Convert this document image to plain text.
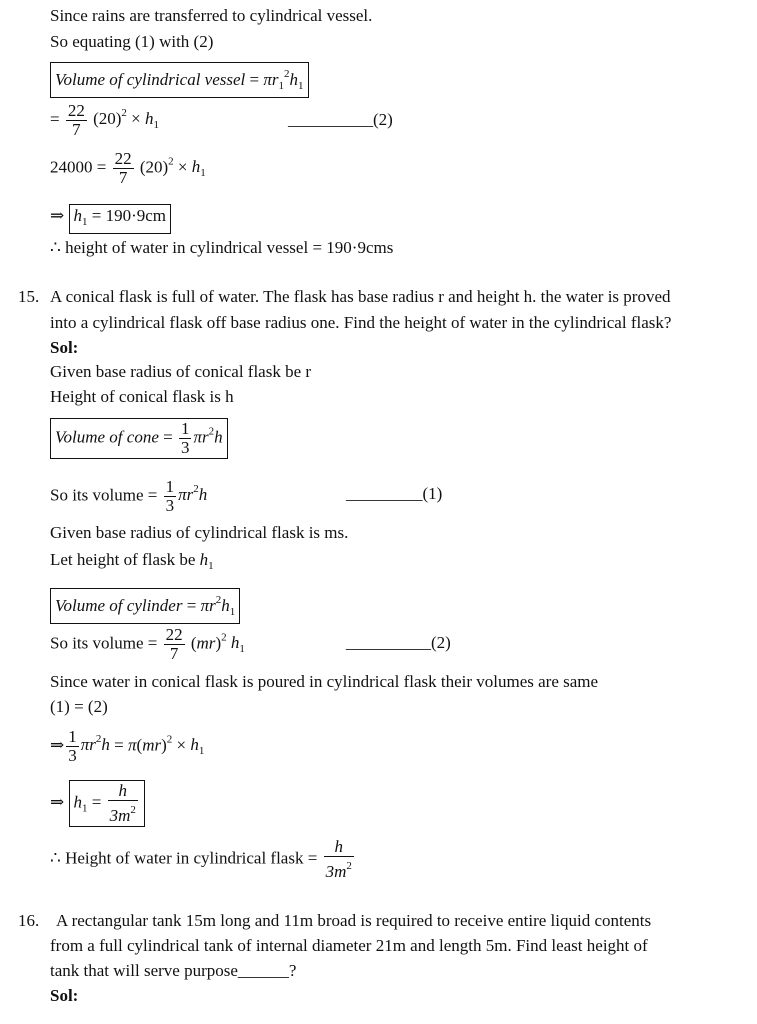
Since rains are transferred to cylindrical vessel.
So equating (1) with (2)
Volume of cylindrical vessel = $\pi r_1^2h_1$
= $\frac{22}{7} (20)^2 \times h_1$	__________(2)
$24000 = \frac{22}{7} (20)^2 \times h_1$
⇒ $h_1 = 190\cdot 9cm$
∴ height of water in cylindrical vessel = 190·9cms
15. A conical flask is full of water. The flask has base radius r and height h. the water is proved
into a cylindrical flask off base radius one. Find the height of water in the cylindrical flask?
Sol:
Given base radius of conical flask be r
Height of conical flask is h
Volume of cone = $\frac{1}{3} \pi r^2h$
So its volume = $\frac{1}{3} \pi r^2h$	_________(1)
Given base radius of cylindrical flask is ms.
Let height of flask be $h_1$
Volume of cylinder = $\pi r^2h_1$
So its volume = $\frac{22}{7} (mr)^2$ $h_1$	__________(2)
Since water in conical flask is poured in cylindrical flask their volumes are same
(1) = (2)
⇒ $\frac{1}{3} \pi r^2h = \pi(mr)^2 \times h_1$
⇒ $h_1 = \frac{h}{3m^2}$
∴ Height of water in cylindrical flask = $\frac{h}{3m^2}$
16. A rectangular tank 15m long and 11m broad is required to receive entire liquid contents
from a full cylindrical tank of internal diameter 21m and length 5m. Find least height of
tank that will serve purpose______?
Sol:
